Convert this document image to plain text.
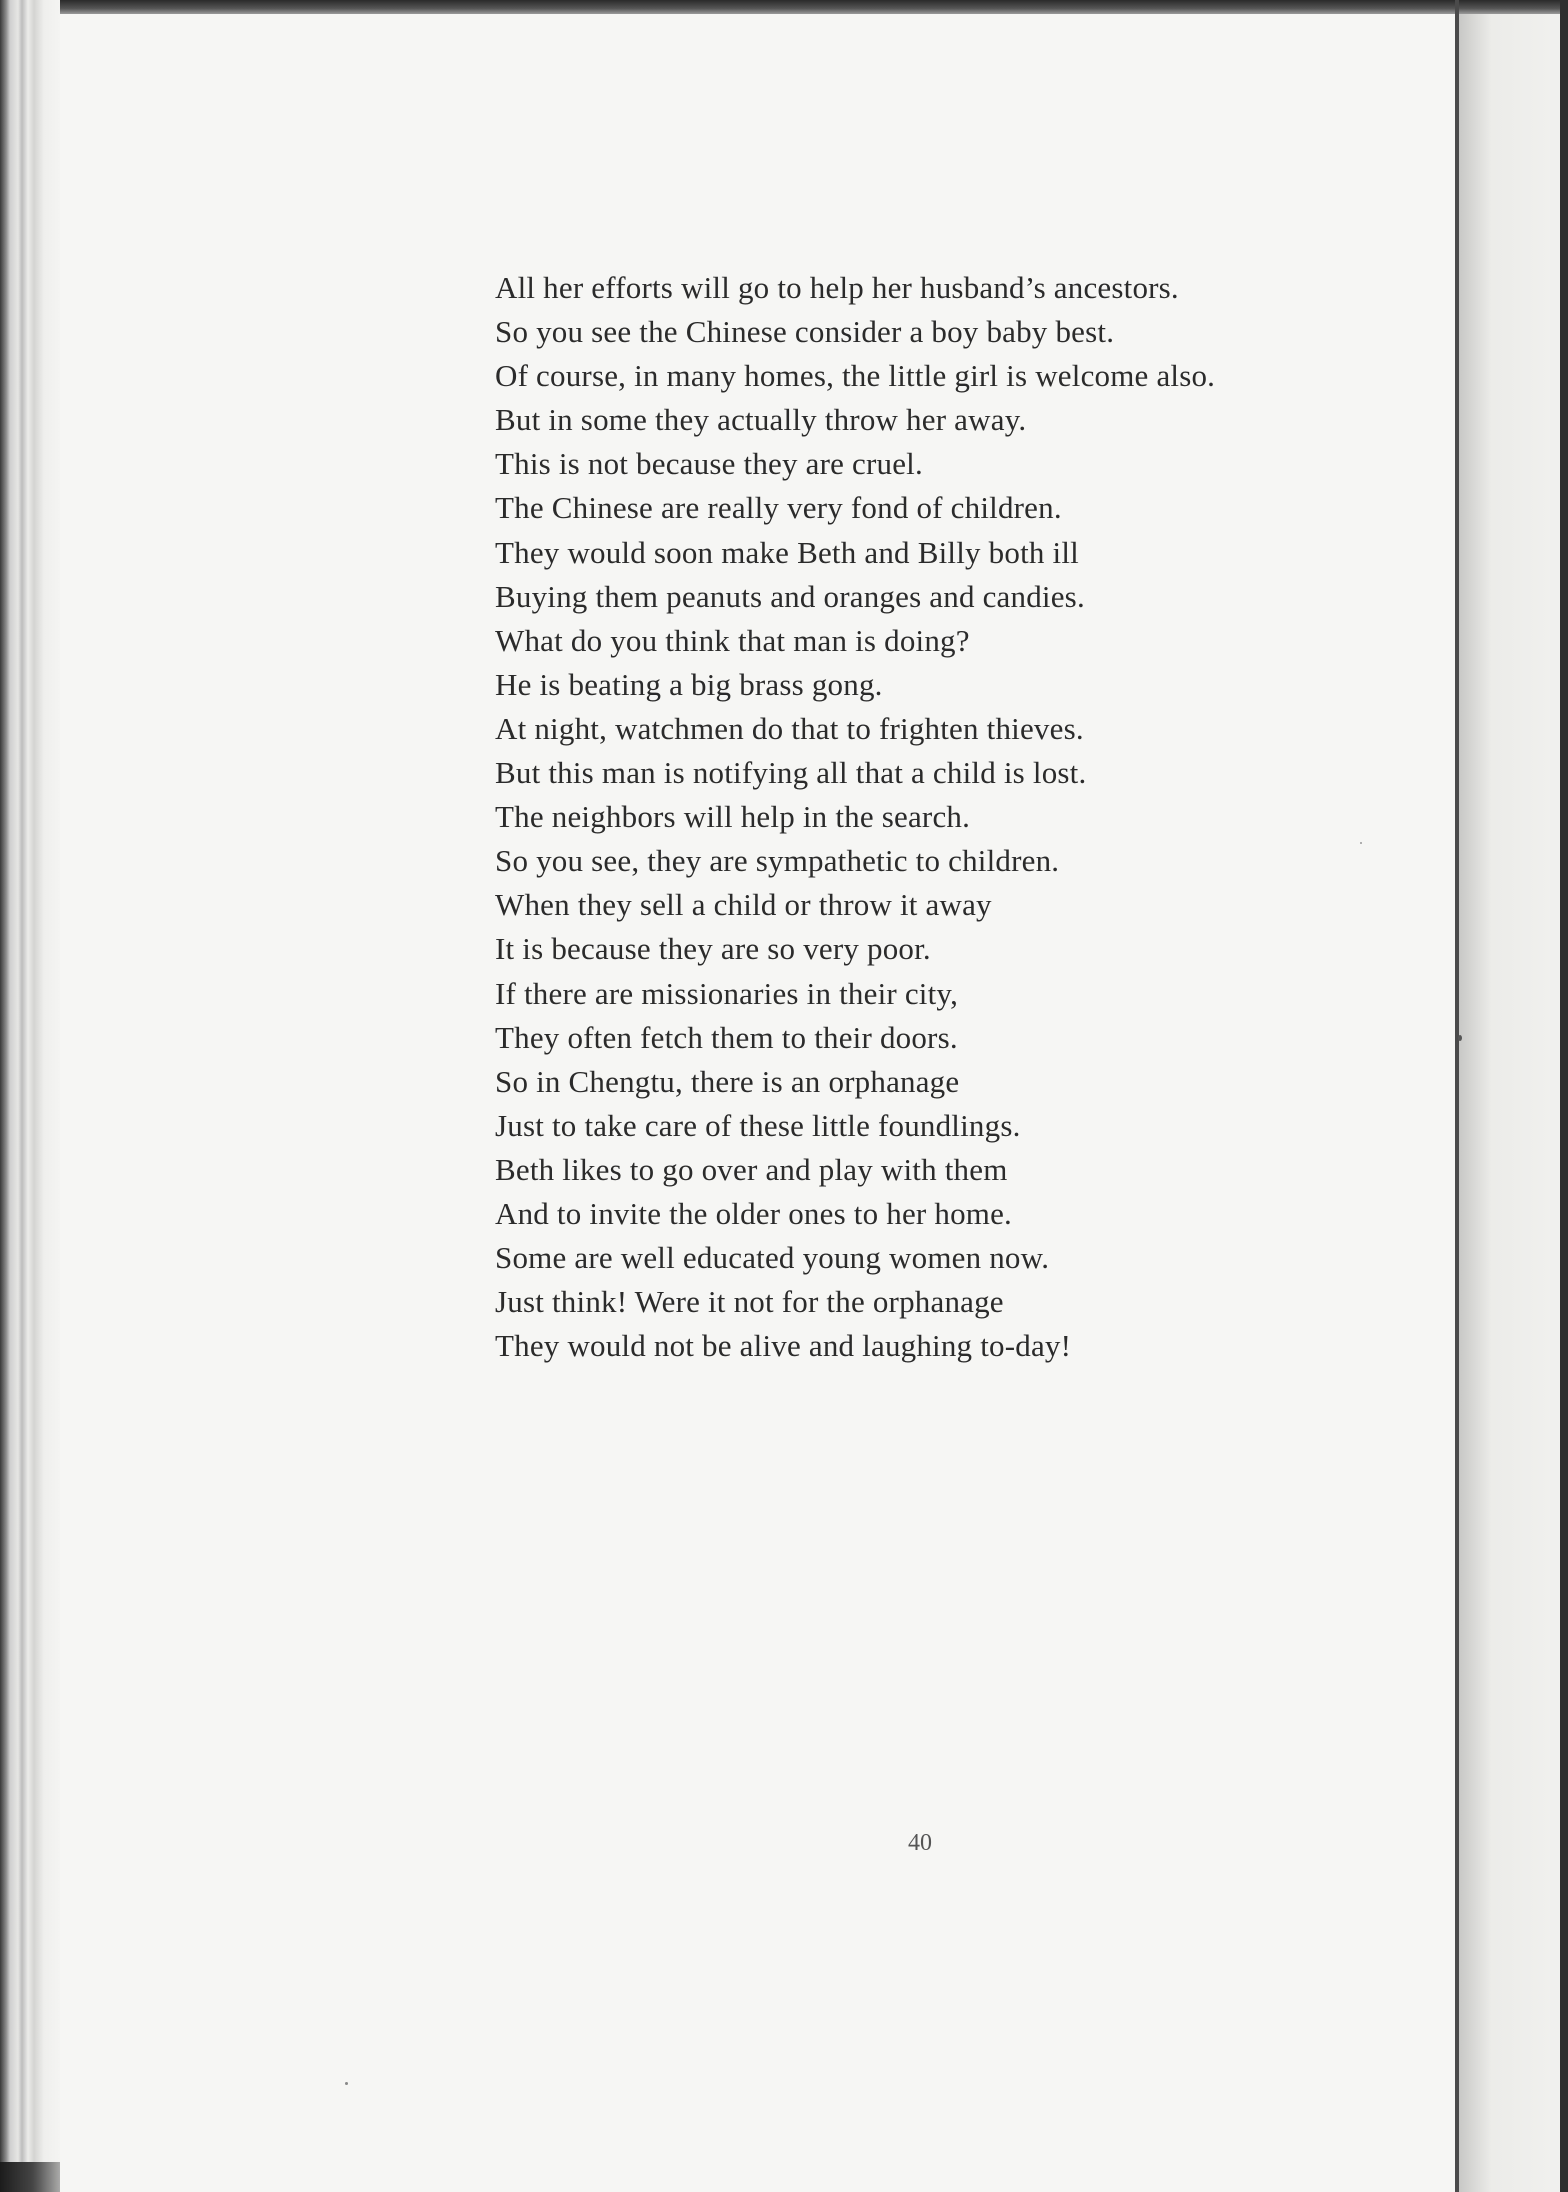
All her efforts will go to help her husband’s ancestors.
So you see the Chinese consider a boy baby best.
Of course, in many homes, the little girl is welcome also.
But in some they actually throw her away.
This is not because they are cruel.
The Chinese are really very fond of children.
They would soon make Beth and Billy both ill
Buying them peanuts and oranges and candies.
What do you think that man is doing?
He is beating a big brass gong.
At night, watchmen do that to frighten thieves.
But this man is notifying all that a child is lost.
The neighbors will help in the search.
So you see, they are sympathetic to children.
When they sell a child or throw it away
It is because they are so very poor.
If there are missionaries in their city,
They often fetch them to their doors.
So in Chengtu, there is an orphanage
Just to take care of these little foundlings.
Beth likes to go over and play with them
And to invite the older ones to her home.
Some are well educated young women now.
Just think! Were it not for the orphanage
They would not be alive and laughing to-day!
40
